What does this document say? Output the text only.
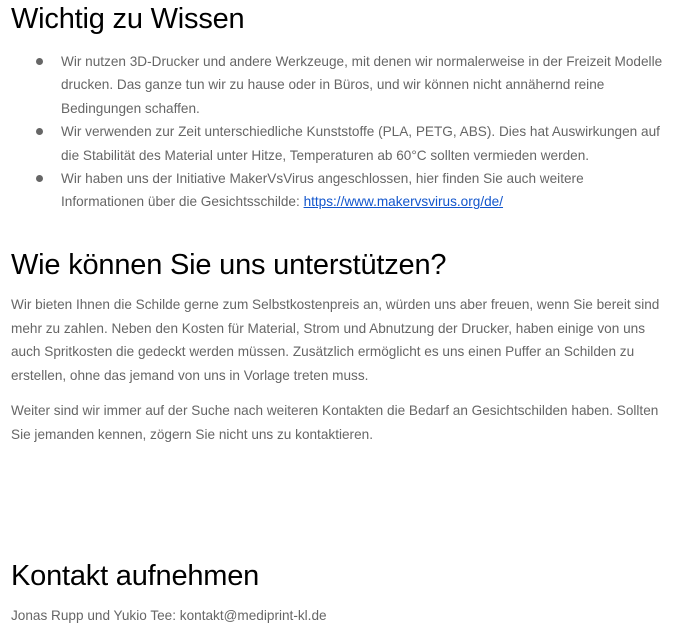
Wichtig zu Wissen
Wir nutzen 3D-Drucker und andere Werkzeuge, mit denen wir normalerweise in der Freizeit Modelle drucken. Das ganze tun wir zu hause oder in Büros, und wir können nicht annähernd reine Bedingungen schaffen.
Wir verwenden zur Zeit unterschiedliche Kunststoffe (PLA, PETG, ABS). Dies hat Auswirkungen auf die Stabilität des Material unter Hitze, Temperaturen ab 60°C sollten vermieden werden.
Wir haben uns der Initiative MakerVsVirus angeschlossen, hier finden Sie auch weitere Informationen über die Gesichtsschilde: https://www.makervsvirus.org/de/
Wie können Sie uns unterstützen?

Wir bieten Ihnen die Schilde gerne zum Selbstkostenpreis an, würden uns aber freuen, wenn Sie bereit sind mehr zu zahlen. Neben den Kosten für Material, Strom und Abnutzung der Drucker, haben einige von uns auch Spritkosten die gedeckt werden müssen. Zusätzlich ermöglicht es uns einen Puffer an Schilden zu erstellen, ohne das jemand von uns in Vorlage treten muss.

Weiter sind wir immer auf der Suche nach weiteren Kontakten die Bedarf an Gesichtschilden haben. Sollten Sie jemanden kennen, zögern Sie nicht uns zu kontaktieren.

Kontakt aufnehmen

Jonas Rupp und Yukio Tee: kontakt@mediprint-kl.de
